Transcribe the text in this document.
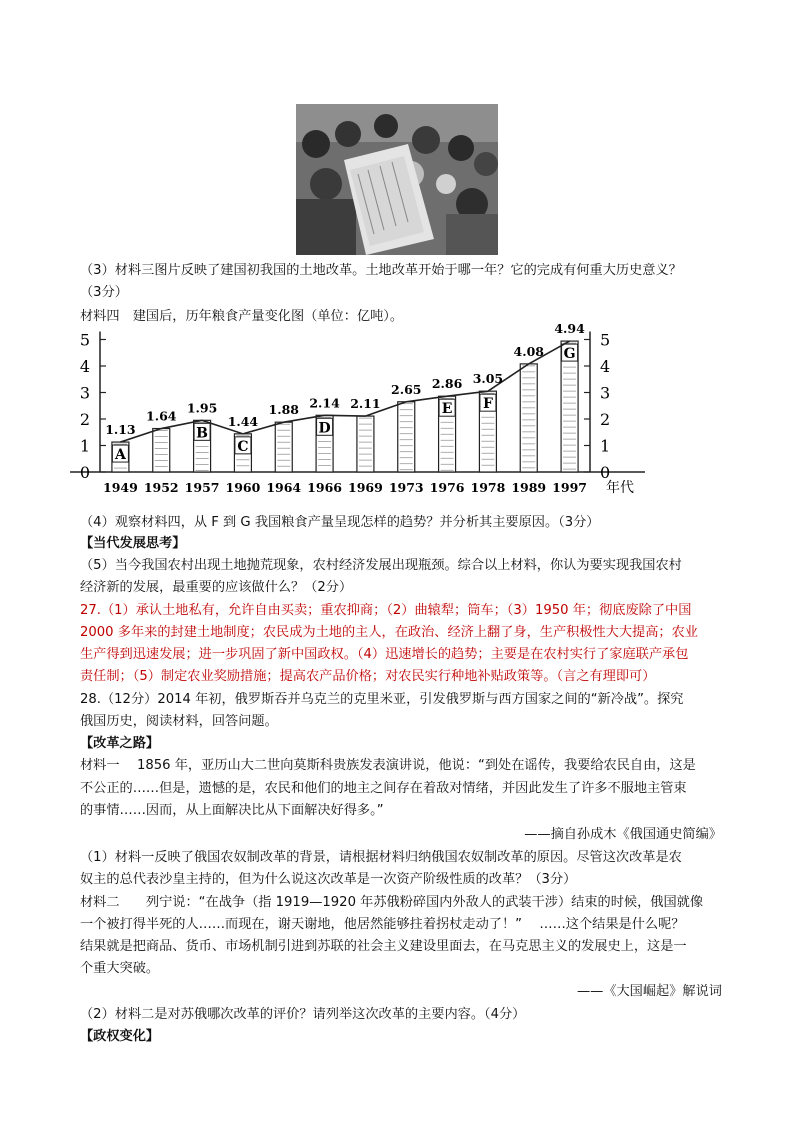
（3）材料三图片反映了建国初我国的土地改革。土地改革开始于哪一年？它的完成有何重大历史意义？
（3分）
材料四　建国后，历年粮食产量变化图（单位：亿吨）。
0	0
1	1
2	2
3	3
4	4
5	5
A
1.13
1949
1.64
1952
B
1.95
1957
C
1.44
1960
1.88
1964
D
2.14
1966
2.11
1969
2.65
1973
E
2.86
1976
F
3.05
1978
4.08
1989
G
4.94
1997 年代
（4）观察材料四，从 F 到 G 我国粮食产量呈现怎样的趋势？并分析其主要原因。（3分）
【当代发展思考】
（5）当今我国农村出现土地抛荒现象，农村经济发展出现瓶颈。综合以上材料，你认为要实现我国农村
经济新的发展，最重要的应该做什么？（2分）
27.（1）承认土地私有，允许自由买卖；重农抑商；（2）曲辕犁；筒车；（3）1950 年；彻底废除了中国
2000 多年来的封建土地制度；农民成为土地的主人，在政治、经济上翻了身，生产积极性大大提高；农业
生产得到迅速发展；进一步巩固了新中国政权。（4）迅速增长的趋势；主要是在农村实行了家庭联产承包
责任制；（5）制定农业奖励措施；提高农产品价格；对农民实行种地补贴政策等。（言之有理即可）
28.（12分）2014 年初，俄罗斯吞并乌克兰的克里米亚，引发俄罗斯与西方国家之间的“新冷战”。探究
俄国历史，阅读材料，回答问题。
【改革之路】
材料一　 1856 年，亚历山大二世向莫斯科贵族发表演讲说，他说：“到处在谣传，我要给农民自由，这是
不公正的……但是，遗憾的是，农民和他们的地主之间存在着敌对情绪，并因此发生了许多不服地主管束
的事情……因而，从上面解决比从下面解决好得多。”
——摘自孙成木《俄国通史简编》
（1）材料一反映了俄国农奴制改革的背景，请根据材料归纳俄国农奴制改革的原因。尽管这次改革是农
奴主的总代表沙皇主持的，但为什么说这次改革是一次资产阶级性质的改革？（3分）
材料二　　列宁说：“在战争（指 1919—1920 年苏俄粉碎国内外敌人的武装干涉）结束的时候，俄国就像
一个被打得半死的人……而现在，谢天谢地，他居然能够拄着拐杖走动了！”　 ……这个结果是什么呢？
结果就是把商品、货币、市场机制引进到苏联的社会主义建设里面去，在马克思主义的发展史上，这是一
个重大突破。
——《大国崛起》解说词
（2）材料二是对苏俄哪次改革的评价？请列举这次改革的主要内容。（4分）
【政权变化】
